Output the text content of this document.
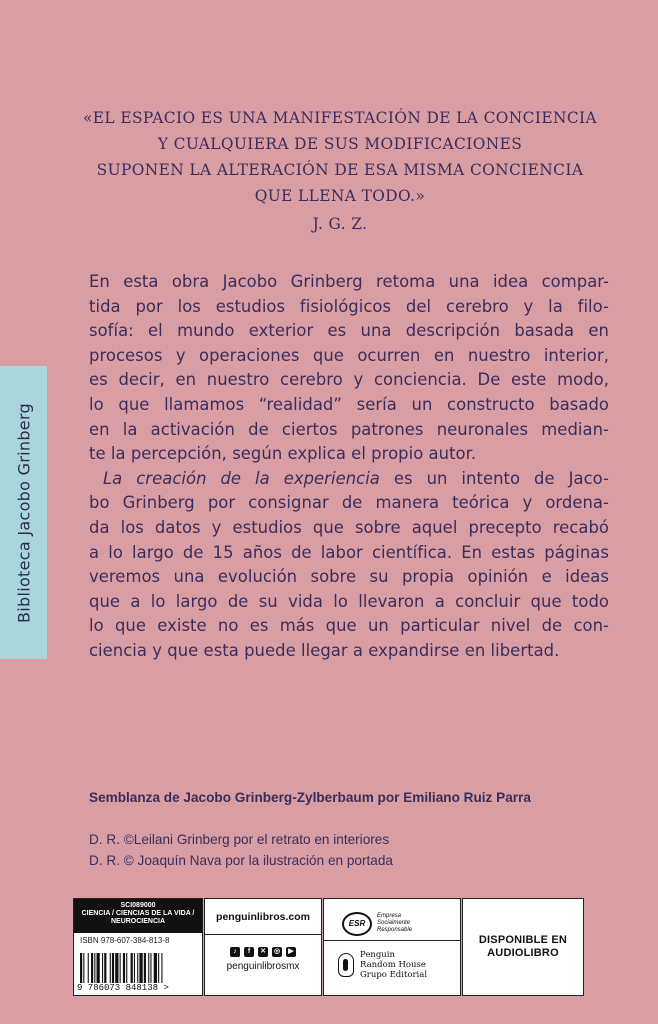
«EL ESPACIO ES UNA MANIFESTACIÓN DE LA CONCIENCIA
Y CUALQUIERA DE SUS MODIFICACIONES
SUPONEN LA ALTERACIÓN DE ESA MISMA CONCIENCIA
QUE LLENA TODO.»
J. G. Z.
En esta obra Jacobo Grinberg retoma una idea compar-
tida por los estudios fisiológicos del cerebro y la filo-
sofía: el mundo exterior es una descripción basada en
procesos y operaciones que ocurren en nuestro interior,
es decir, en nuestro cerebro y conciencia. De este modo,
lo que llamamos “realidad” sería un constructo basado
en la activación de ciertos patrones neuronales median-
te la percepción, según explica el propio autor.
La creación de la experiencia es un intento de Jaco-
bo Grinberg por consignar de manera teórica y ordena-
da los datos y estudios que sobre aquel precepto recabó
a lo largo de 15 años de labor científica. En estas páginas
veremos una evolución sobre su propia opinión e ideas
que a lo largo de su vida lo llevaron a concluir que todo
lo que existe no es más que un particular nivel de con-
ciencia y que esta puede llegar a expandirse en libertad.
Biblioteca Jacobo Grinberg
Semblanza de Jacobo Grinberg-Zylberbaum por Emiliano Ruiz Parra
D. R. ©Leilani Grinberg por el retrato en interiores
D. R. © Joaquín Nava por la ilustración en portada
SCI089000
CIENCIA / CIENCIAS DE LA VIDA /
NEUROCIENCIA
ISBN 978-607-384-813-8
9 786073 848138 >
penguinlibros.com
♪	f	✕ ◎	▶
penguinlibrosmx
ESR
Empresa
Socialmente
Responsable
Penguin
Random House
Grupo Editorial
DISPONIBLE EN
AUDIOLIBRO
